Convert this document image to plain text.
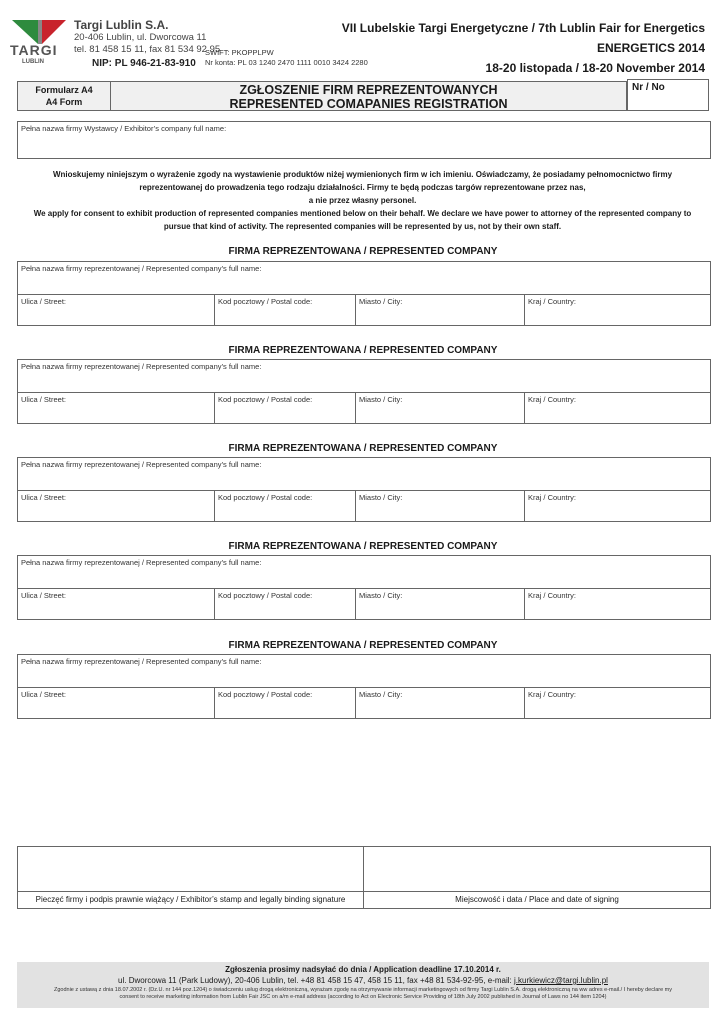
TARGI
LUBLIN
Targi Lublin S.A.
20-406 Lublin, ul. Dworcowa 11
tel. 81 458 15 11, fax 81 534 92 95
NIP: PL 946-21-83-910
SWIFT: PKOPPLPW
Nr konta: PL 03 1240 2470 1111 0010 3424 2280
VII Lubelskie Targi Energetyczne / 7th Lublin Fair for Energetics
ENERGETICS 2014
18-20 listopada / 18-20 November 2014
Formularz A4
A4 Form
ZGŁOSZENIE FIRM REPREZENTOWANYCH
REPRESENTED COMAPANIES REGISTRATION
Nr / No
Pełna nazwa firmy Wystawcy / Exhibitor’s company full name:
Wnioskujemy niniejszym o wyrażenie zgody na wystawienie produktów niżej wymienionych firm w ich imieniu. Oświadczamy, że posiadamy pełnomocnictwo firmy
reprezentowanej do prowadzenia tego rodzaju działalności. Firmy te będą podczas targów reprezentowane przez nas,
a nie przez własny personel.
We apply for consent to exhibit production of represented companies mentioned below on their behalf. We declare we have power to attorney of the represented company to
pursue that kind of activity. The represented companies will be represented by us, not by their own staff.
FIRMA REPREZENTOWANA / REPRESENTED COMPANY
Pełna nazwa firmy reprezentowanej / Represented company’s full name:
Ulica / Street:	Kod pocztowy / Postal code:	Miasto / City:	Kraj / Country:
FIRMA REPREZENTOWANA / REPRESENTED COMPANY
Pełna nazwa firmy reprezentowanej / Represented company’s full name:
Ulica / Street:	Kod pocztowy / Postal code:	Miasto / City:	Kraj / Country:
FIRMA REPREZENTOWANA / REPRESENTED COMPANY
Pełna nazwa firmy reprezentowanej / Represented company’s full name:
Ulica / Street:	Kod pocztowy / Postal code:	Miasto / City:	Kraj / Country:
FIRMA REPREZENTOWANA / REPRESENTED COMPANY
Pełna nazwa firmy reprezentowanej / Represented company’s full name:
Ulica / Street:	Kod pocztowy / Postal code:	Miasto / City:	Kraj / Country:
FIRMA REPREZENTOWANA / REPRESENTED COMPANY
Pełna nazwa firmy reprezentowanej / Represented company’s full name:
Ulica / Street:	Kod pocztowy / Postal code:	Miasto / City:	Kraj / Country:
Pieczęć firmy i podpis prawnie wiążący / Exhibitor’s stamp and legally binding signature	Miejscowość i data / Place and date of signing
Zgłoszenia prosimy nadsyłać do dnia / Application deadline 17.10.2014 r.
ul. Dworcowa 11 (Park Ludowy), 20-406 Lublin, tel. +48 81 458 15 47, 458 15 11, fax +48 81 534-92-95, e-mail: j.kurkiewicz@targi.lublin.pl
Zgodnie z ustawą z dnia 18.07.2002 r. (Dz.U. nr 144 poz.1204) o świadczeniu usług drogą elektroniczną, wyrażam zgodę na otrzymywanie informacji marketingowych od firmy Targi Lublin S.A. drogą elektroniczną na ww adres e-mail./ I hereby declare my
consent to receive marketing information from Lublin Fair JSC on a/m e-mail address (according to Act on Electronic Service Providing of 18th July 2002 published in Journal of Laws no 144 item 1204)
